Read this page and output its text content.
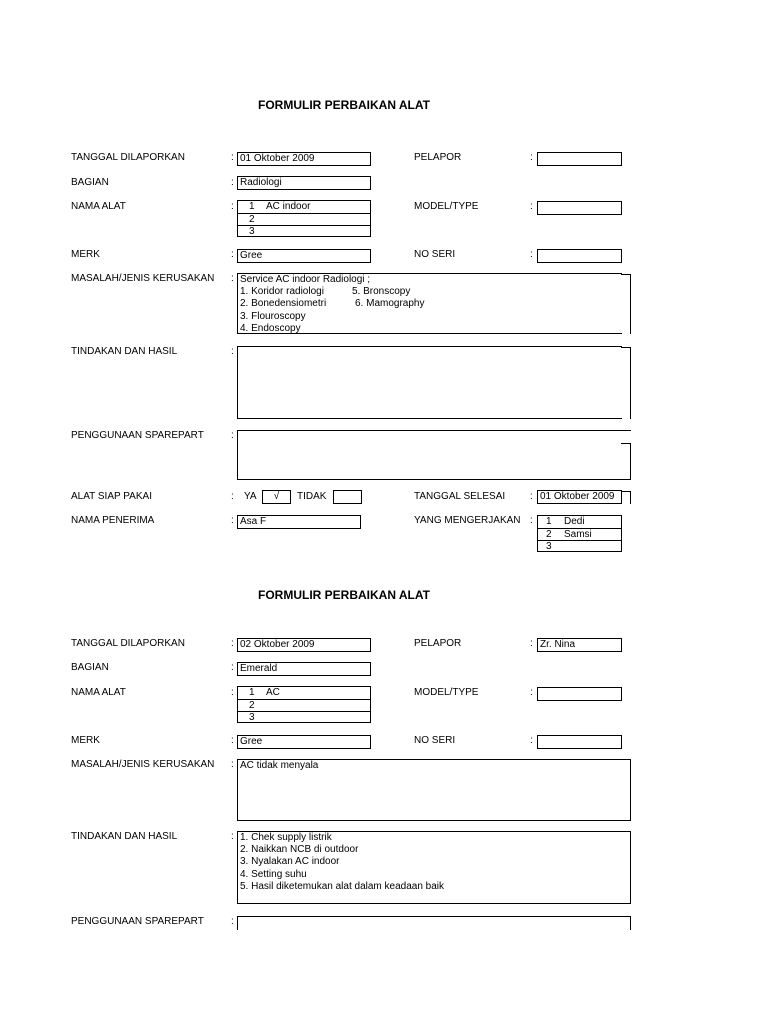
FORMULIR PERBAIKAN ALAT
TANGGAL DILAPORKAN
BAGIAN
NAMA ALAT
MERK
MASALAH/JENIS KERUSAKAN
TINDAKAN DAN HASIL
PENGGUNAAN SPAREPART
ALAT SIAP PAKAI
NAMA PENERIMA
:
:
:
:
:
:
:
:
:
01 Oktober 2009
Radiologi
1 AC indoor
2
3
Gree
Service AC indoor Radiologi ;
1. Koridor radiologi
2. Bonedensiometri
3. Flouroscopy
4. Endoscopy
5. Bronscopy
6. Mamography
YA	√	TIDAK
Asa F
PELAPOR
MODEL/TYPE
NO SERI
TANGGAL SELESAI
YANG MENGERJAKAN
:
:
:
:
:
01 Oktober 2009
1 Dedi
2 Samsi
3
FORMULIR PERBAIKAN ALAT
TANGGAL DILAPORKAN
BAGIAN
NAMA ALAT
MERK
MASALAH/JENIS KERUSAKAN
TINDAKAN DAN HASIL
PENGGUNAAN SPAREPART
:
:
:
:
:
:
:
02 Oktober 2009
Emerald
1 AC
2
3
Gree
AC tidak menyala
1. Chek supply listrik
2. Naikkan NCB di outdoor
3. Nyalakan AC indoor
4. Setting suhu
5. Hasil diketemukan alat dalam keadaan baik
PELAPOR
MODEL/TYPE
NO SERI
:
:
:
Zr. Nina
